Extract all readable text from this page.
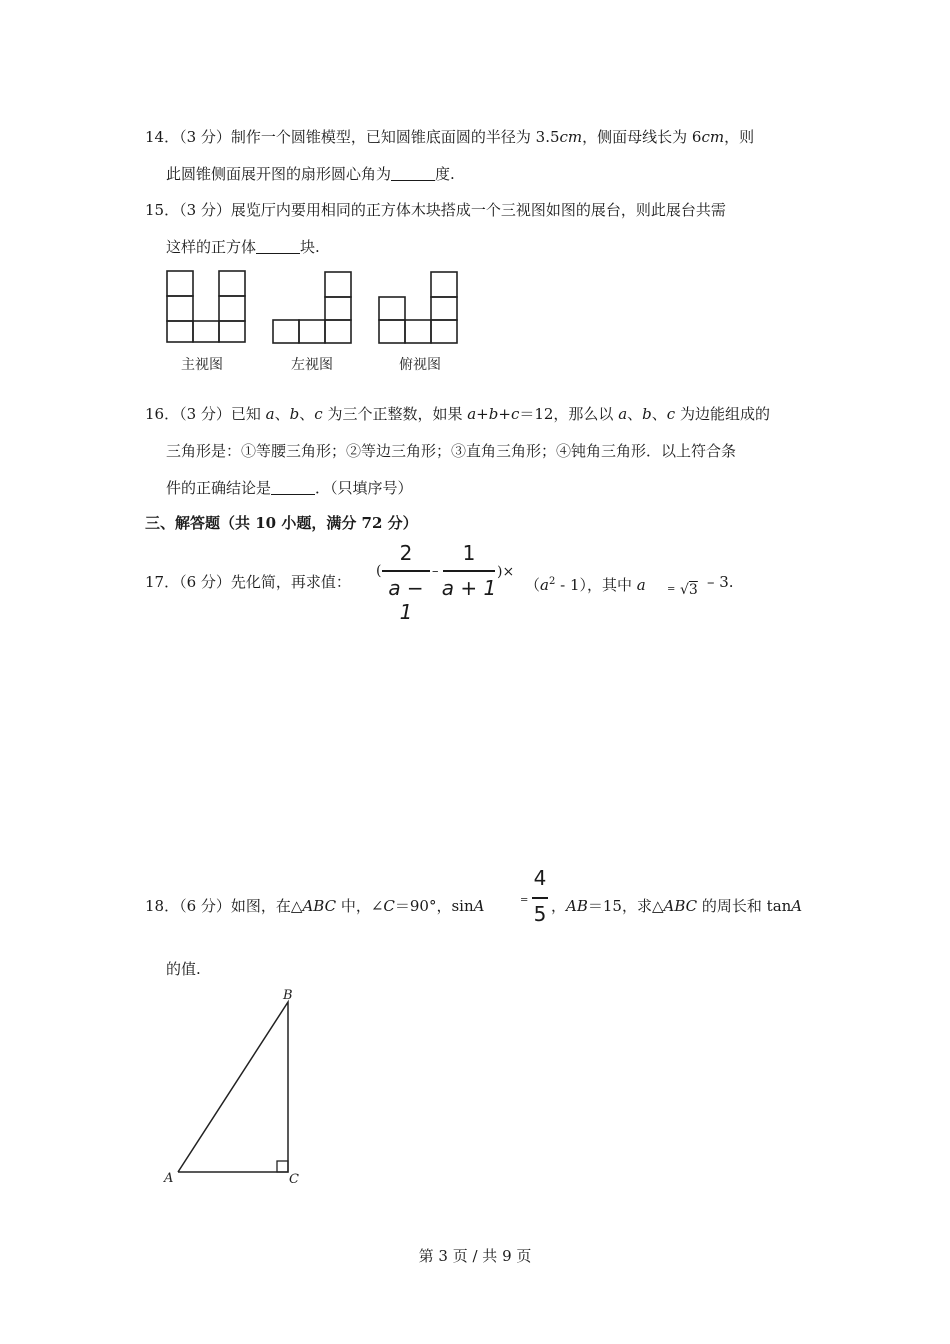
14．（3 分）制作一个圆锥模型，已知圆锥底面圆的半径为 3.5cm，侧面母线长为 6cm，则
此圆锥侧面展开图的扇形圆心角为	度.
15．（3 分）展览厅内要用相同的正方体木块搭成一个三视图如图的展台，则此展台共需
这样的正方体	块.
主视图	左视图	俯视图
16．（3 分）已知 a、b、c 为三个正整数，如果 a+b+c＝12，那么以 a、b、c 为边能组成的
三角形是：①等腰三角形；②等边三角形；③直角三角形；④钝角三角形．以上符合条
件的正确结论是	．（只填序号）
三、解答题（共 10 小题，满分 72 分）
17．（6 分）先化简，再求值：
(
2
a − 1
–
1
a + 1
)×
$(a^2 - 1)$，其中 a = √3 – 3.
18．（6 分）如图，在△ABC 中，∠C＝90°，sinA	=
4
5 ，AB＝15，求△ABC 的周长和 tanA
的值.
B
A	C
第 3 页 / 共 9 页
